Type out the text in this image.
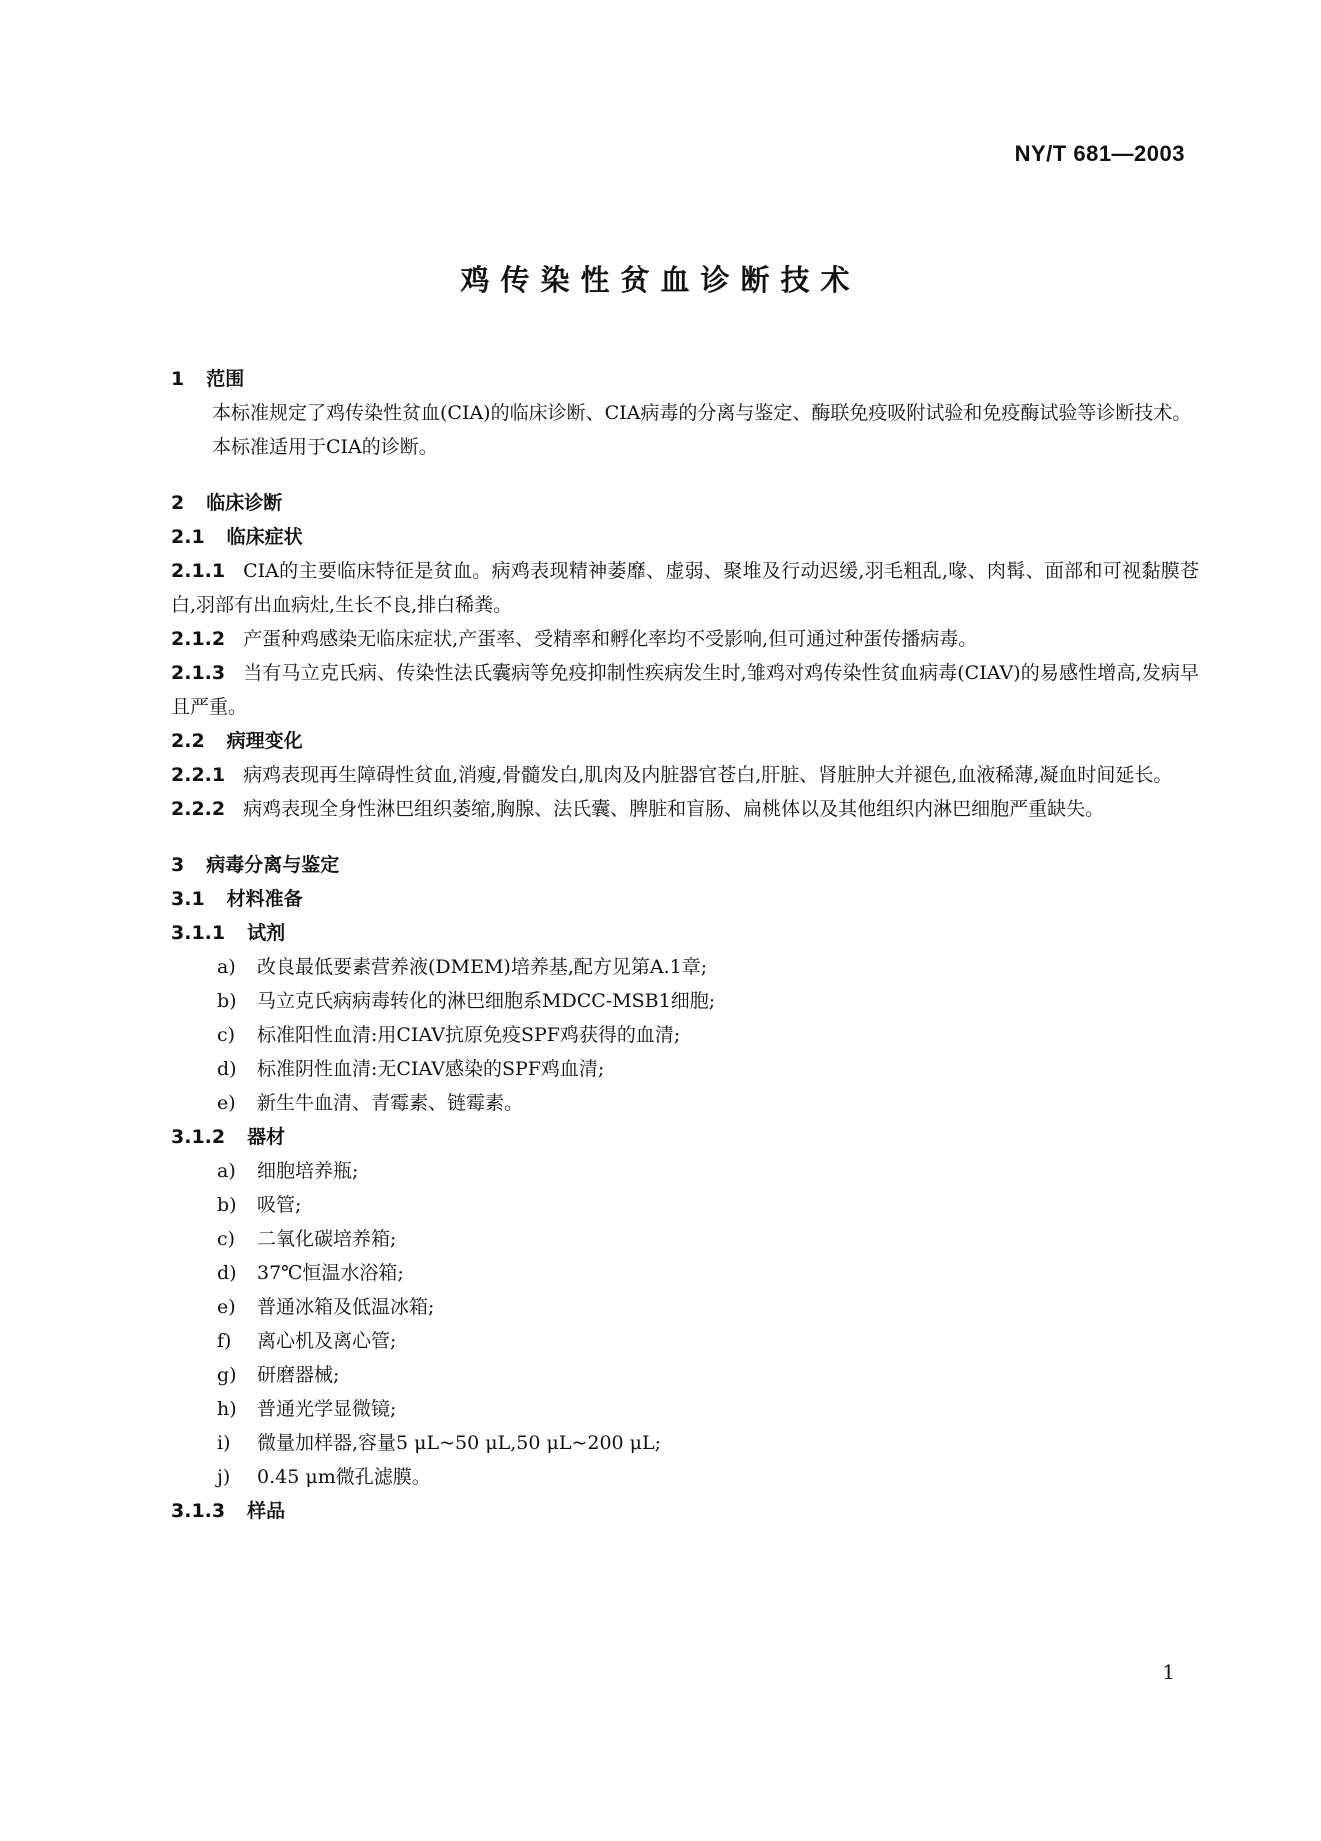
NY/T 681—2003
鸡传染性贫血诊断技术
1 范围
本标准规定了鸡传染性贫血(CIA)的临床诊断、CIA病毒的分离与鉴定、酶联免疫吸附试验和免疫酶试验等诊断技术。
本标准适用于CIA的诊断。
2 临床诊断
2.1 临床症状
2.1.1 CIA的主要临床特征是贫血。病鸡表现精神萎靡、虚弱、聚堆及行动迟缓,羽毛粗乱,喙、肉髯、面部和可视黏膜苍白,羽部有出血病灶,生长不良,排白稀粪。
2.1.2 产蛋种鸡感染无临床症状,产蛋率、受精率和孵化率均不受影响,但可通过种蛋传播病毒。
2.1.3 当有马立克氏病、传染性法氏囊病等免疫抑制性疾病发生时,雏鸡对鸡传染性贫血病毒(CIAV)的易感性增高,发病早且严重。
2.2 病理变化
2.2.1 病鸡表现再生障碍性贫血,消瘦,骨髓发白,肌肉及内脏器官苍白,肝脏、肾脏肿大并褪色,血液稀薄,凝血时间延长。
2.2.2 病鸡表现全身性淋巴组织萎缩,胸腺、法氏囊、脾脏和盲肠、扁桃体以及其他组织内淋巴细胞严重缺失。
3 病毒分离与鉴定
3.1 材料准备
3.1.1 试剂
a) 改良最低要素营养液(DMEM)培养基,配方见第A.1章;
b) 马立克氏病病毒转化的淋巴细胞系MDCC-MSB1细胞;
c) 标准阳性血清:用CIAV抗原免疫SPF鸡获得的血清;
d) 标准阴性血清:无CIAV感染的SPF鸡血清;
e) 新生牛血清、青霉素、链霉素。
3.1.2 器材
a) 细胞培养瓶;
b) 吸管;
c) 二氧化碳培养箱;
d) 37℃恒温水浴箱;
e) 普通冰箱及低温冰箱;
f) 离心机及离心管;
g) 研磨器械;
h) 普通光学显微镜;
i) 微量加样器,容量5 μL~50 μL,50 μL~200 μL;
j) 0.45 μm微孔滤膜。
3.1.3 样品
1
